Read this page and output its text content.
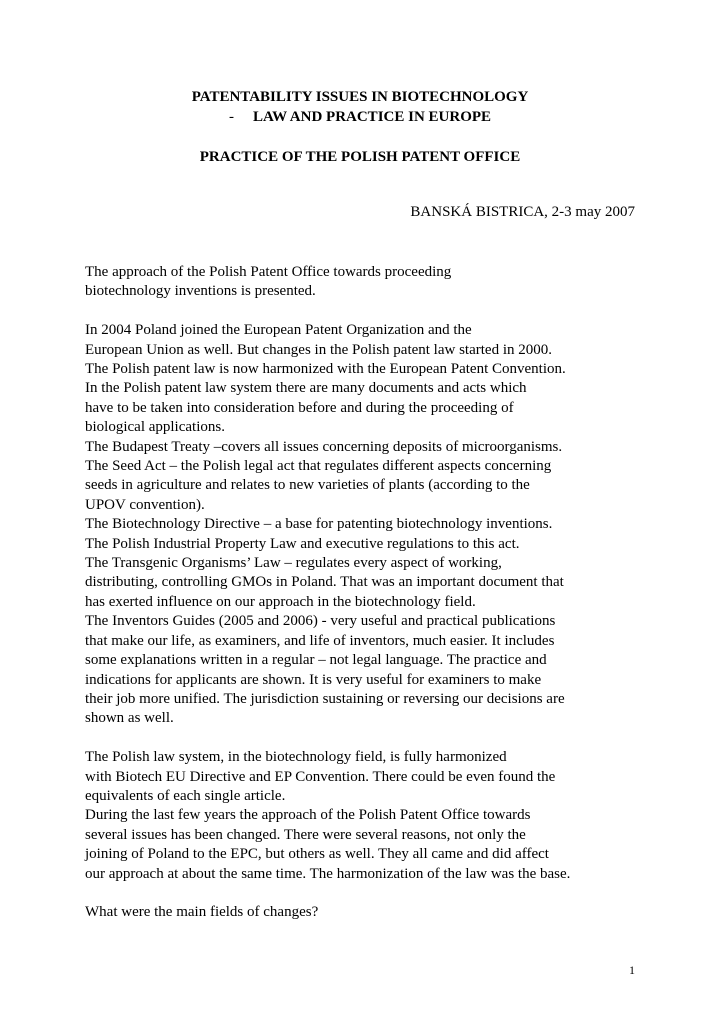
PATENTABILITY ISSUES IN BIOTECHNOLOGY
- LAW AND PRACTICE IN EUROPE
PRACTICE OF THE POLISH PATENT OFFICE
BANSKÁ BISTRICA, 2-3 may 2007

The approach of the Polish Patent Office towards proceeding
biotechnology inventions is presented.

In 2004 Poland joined the European Patent Organization and the
European Union as well. But changes in the Polish patent law started in 2000.
The Polish patent law is now harmonized with the European Patent Convention.
In the Polish patent law system there are many documents and acts which
have to be taken into consideration before and during the proceeding of
biological applications.
The Budapest Treaty –covers all issues concerning deposits of microorganisms.
The Seed Act – the Polish legal act that regulates different aspects concerning
seeds in agriculture and relates to new varieties of plants (according to the
UPOV convention).
The Biotechnology Directive – a base for patenting biotechnology inventions.
The Polish Industrial Property Law and executive regulations to this act.
The Transgenic Organisms’ Law – regulates every aspect of working,
distributing, controlling GMOs in Poland. That was an important document that
has exerted influence on our approach in the biotechnology field.
The Inventors Guides (2005 and 2006) - very useful and practical publications
that make our life, as examiners, and life of inventors, much easier. It includes
some explanations written in a regular – not legal language. The practice and
indications for applicants are shown. It is very useful for examiners to make
their job more unified. The jurisdiction sustaining or reversing our decisions are
shown as well.

The Polish law system, in the biotechnology field, is fully harmonized
with Biotech EU Directive and EP Convention. There could be even found the
equivalents of each single article.
During the last few years the approach of the Polish Patent Office towards
several issues has been changed. There were several reasons, not only the
joining of Poland to the EPC, but others as well. They all came and did affect
our approach at about the same time. The harmonization of the law was the base.

What were the main fields of changes?

1
